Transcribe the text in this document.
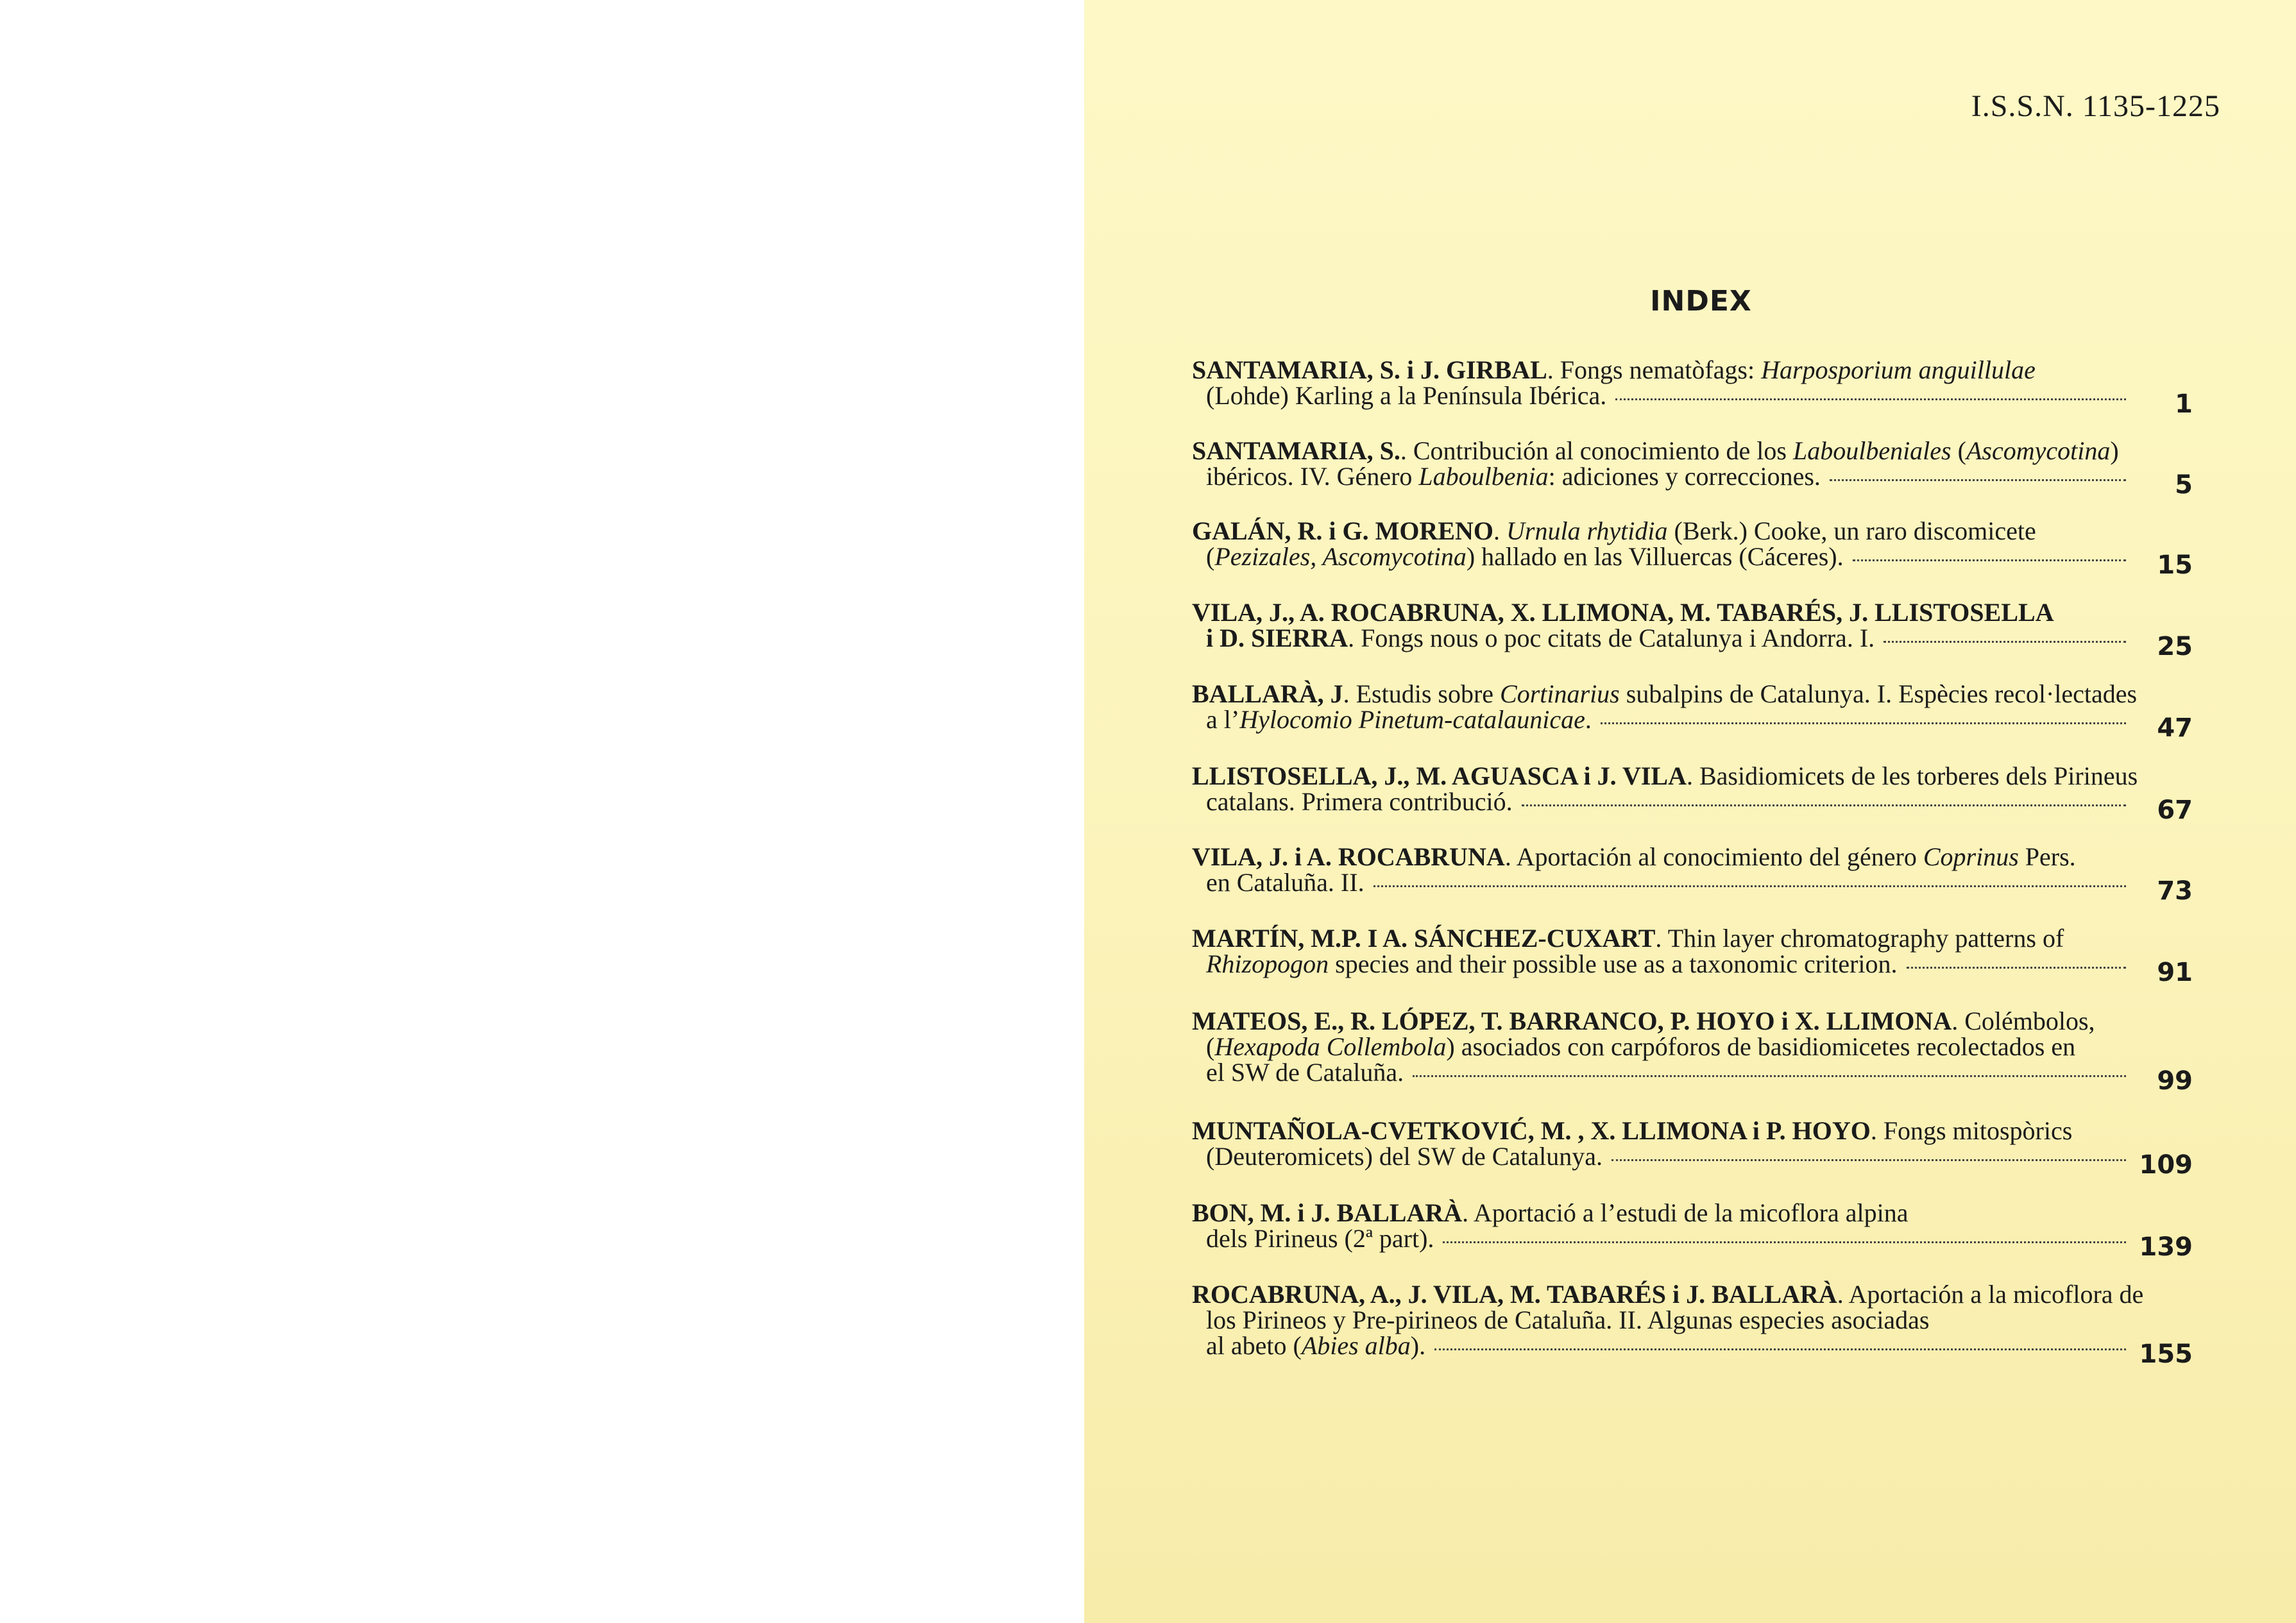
I.S.S.N. 1135-1225
INDEX
SANTAMARIA, S. i J. GIRBAL. Fongs nematòfags: Harposporium anguillulae
(Lohde) Karling a la Península Ibérica.	1
SANTAMARIA, S.. Contribución al conocimiento de los Laboulbeniales (Ascomycotina)
ibéricos. IV. Género Laboulbenia: adiciones y correcciones.	5
GALÁN, R. i G. MORENO. Urnula rhytidia (Berk.) Cooke, un raro discomicete
(Pezizales, Ascomycotina) hallado en las Villuercas (Cáceres).	15
VILA, J., A. ROCABRUNA, X. LLIMONA, M. TABARÉS, J. LLISTOSELLA
i D. SIERRA. Fongs nous o poc citats de Catalunya i Andorra. I.	25
BALLARÀ, J. Estudis sobre Cortinarius subalpins de Catalunya. I. Espècies recol·lectades
a l’Hylocomio Pinetum-catalaunicae.	47
LLISTOSELLA, J., M. AGUASCA i J. VILA. Basidiomicets de les torberes dels Pirineus
catalans. Primera contribució.	67
VILA, J. i A. ROCABRUNA. Aportación al conocimiento del género Coprinus Pers.
en Cataluña. II.	73
MARTÍN, M.P. I A. SÁNCHEZ-CUXART. Thin layer chromatography patterns of
Rhizopogon species and their possible use as a taxonomic criterion.	91
MATEOS, E., R. LÓPEZ, T. BARRANCO, P. HOYO i X. LLIMONA. Colémbolos,
(Hexapoda Collembola) asociados con carpóforos de basidiomicetes recolectados en
el SW de Cataluña.	99
MUNTAÑOLA-CVETKOVIĆ, M. , X. LLIMONA i P. HOYO. Fongs mitospòrics
(Deuteromicets) del SW de Catalunya.	109
BON, M. i J. BALLARÀ. Aportació a l’estudi de la micoflora alpina
dels Pirineus (2ª part).	139
ROCABRUNA, A., J. VILA, M. TABARÉS i J. BALLARÀ. Aportación a la micoflora de
los Pirineos y Pre-pirineos de Cataluña. II. Algunas especies asociadas
al abeto (Abies alba).	155
